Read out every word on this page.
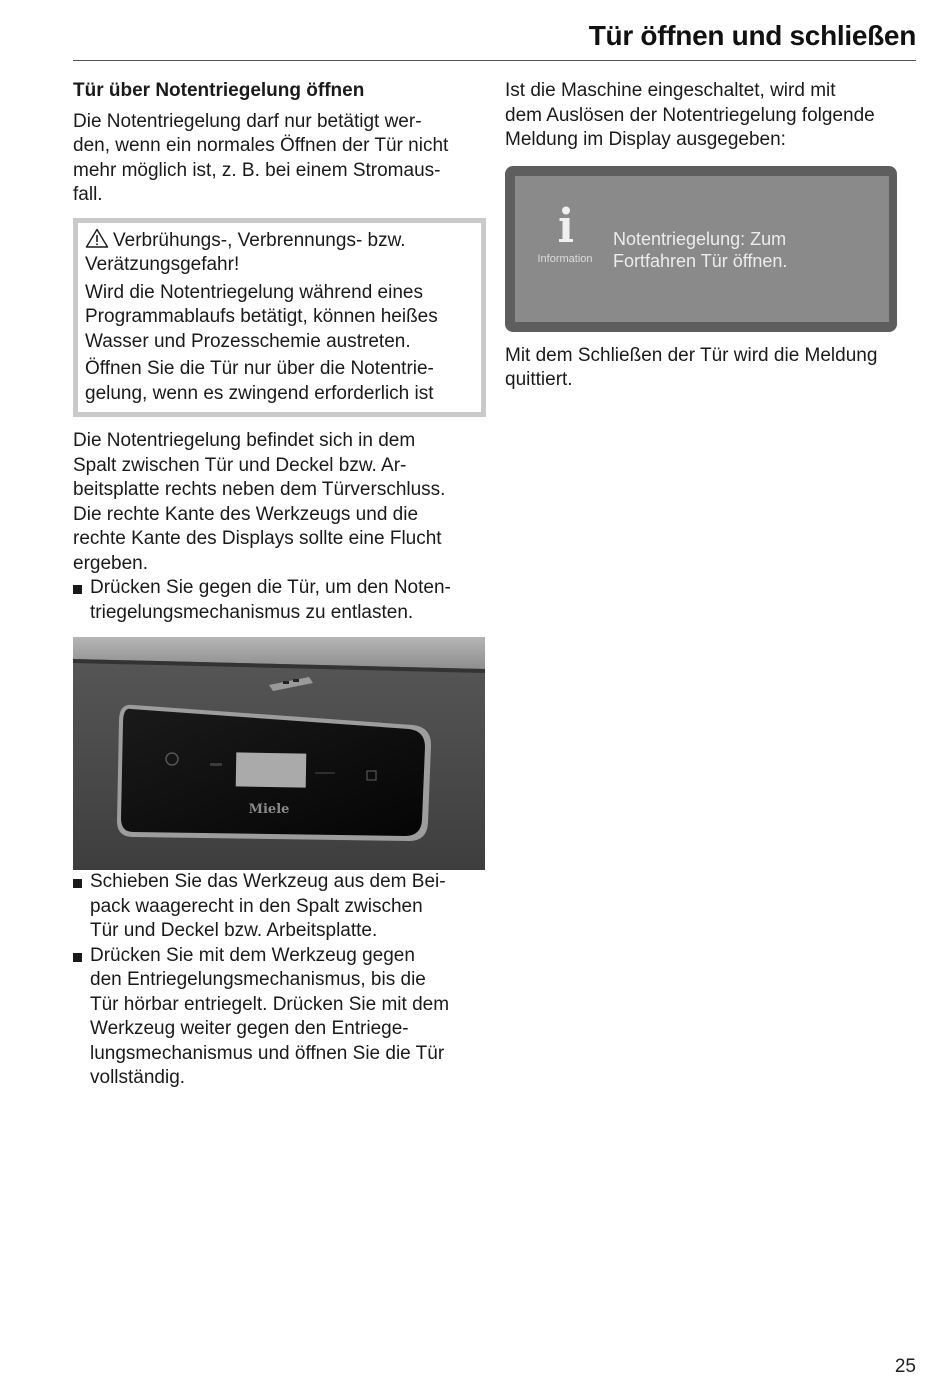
Tür öffnen und schließen

Tür über Notentriegelung öffnen

Die Notentriegelung darf nur betätigt wer-
den, wenn ein normales Öffnen der Tür nicht
mehr möglich ist, z. B. bei einem Stromaus-
fall.

Verbrühungs-, Verbrennungs- bzw.
Verätzungsgefahr!

Wird die Notentriegelung während eines
Programmablaufs betätigt, können heißes
Wasser und Prozesschemie austreten.

Öffnen Sie die Tür nur über die Notentrie-
gelung, wenn es zwingend erforderlich ist

Die Notentriegelung befindet sich in dem
Spalt zwischen Tür und Deckel bzw. Ar-
beitsplatte rechts neben dem Türverschluss.
Die rechte Kante des Werkzeugs und die
rechte Kante des Displays sollte eine Flucht
ergeben.

Drücken Sie gegen die Tür, um den Noten-
triegelungsmechanismus zu entlasten.

Miele

Schieben Sie das Werkzeug aus dem Bei-
pack waagerecht in den Spalt zwischen
Tür und Deckel bzw. Arbeitsplatte.

Drücken Sie mit dem Werkzeug gegen
den Entriegelungsmechanismus, bis die
Tür hörbar entriegelt. Drücken Sie mit dem
Werkzeug weiter gegen den Entriege-
lungsmechanismus und öffnen Sie die Tür
vollständig.

Ist die Maschine eingeschaltet, wird mit
dem Auslösen der Notentriegelung folgende
Meldung im Display ausgegeben:

Information
Notentriegelung: Zum
Fortfahren Tür öffnen.

Mit dem Schließen der Tür wird die Meldung
quittiert.

25
